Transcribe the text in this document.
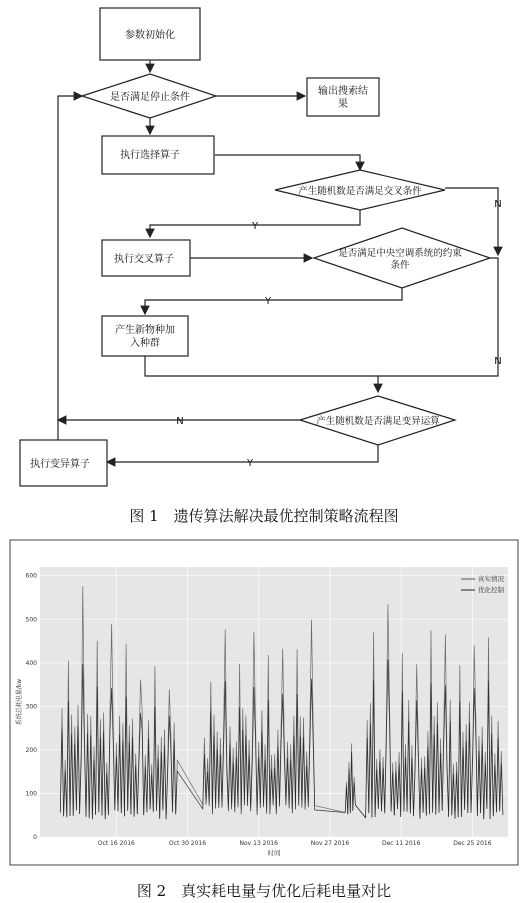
参数初始化
是否满足停止条件
输出搜索结
果
执行选择算子
产生随机数是否满足交叉条件
执行交叉算子
是否满足中央空调系统的约束
条件
产生新物种加
入种群
产生随机数是否满足变异运算
执行变异算子
Y
N
Y
N
N
Y
图 1　遗传算法解决最优控制策略流程图
0
100
200
300
400
500
600
Oct 16 2016	Oct 30 2016	Nov 13 2016	Nov 27 2016	Dec 11 2016	Dec 25 2016
系统总耗电量/kw
时间
真实情况
优化控制
图 2　真实耗电量与优化后耗电量对比
